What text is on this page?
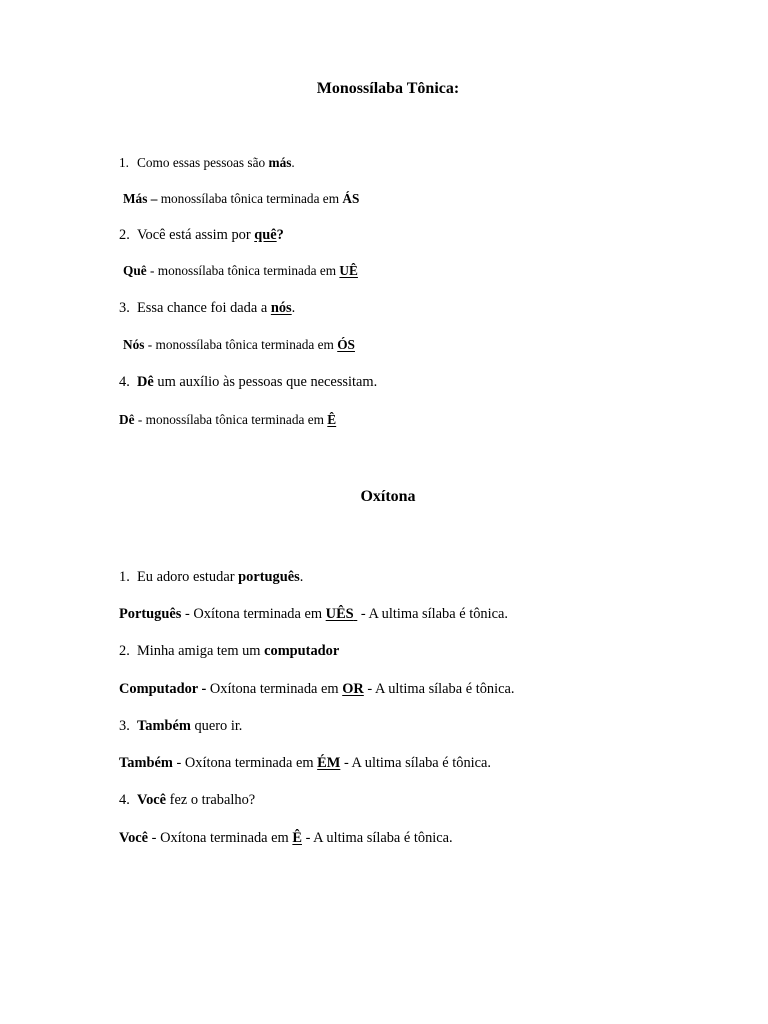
Monossílaba Tônica:
1. Como essas pessoas são más.
Más – monossílaba tônica terminada em ÁS
2. Você está assim por quê?
Quê - monossílaba tônica terminada em UÊ
3. Essa chance foi dada a nós.
Nós - monossílaba tônica terminada em ÓS
4. Dê um auxílio às pessoas que necessitam.
Dê - monossílaba tônica terminada em Ê
Oxítona
1. Eu adoro estudar português.
Português - Oxítona terminada em UÊS - A ultima sílaba é tônica.
2. Minha amiga tem um computador
Computador - Oxítona terminada em OR - A ultima sílaba é tônica.
3. Também quero ir.
Também - Oxítona terminada em ÉM - A ultima sílaba é tônica.
4. Você fez o trabalho?
Você - Oxítona terminada em Ê - A ultima sílaba é tônica.
